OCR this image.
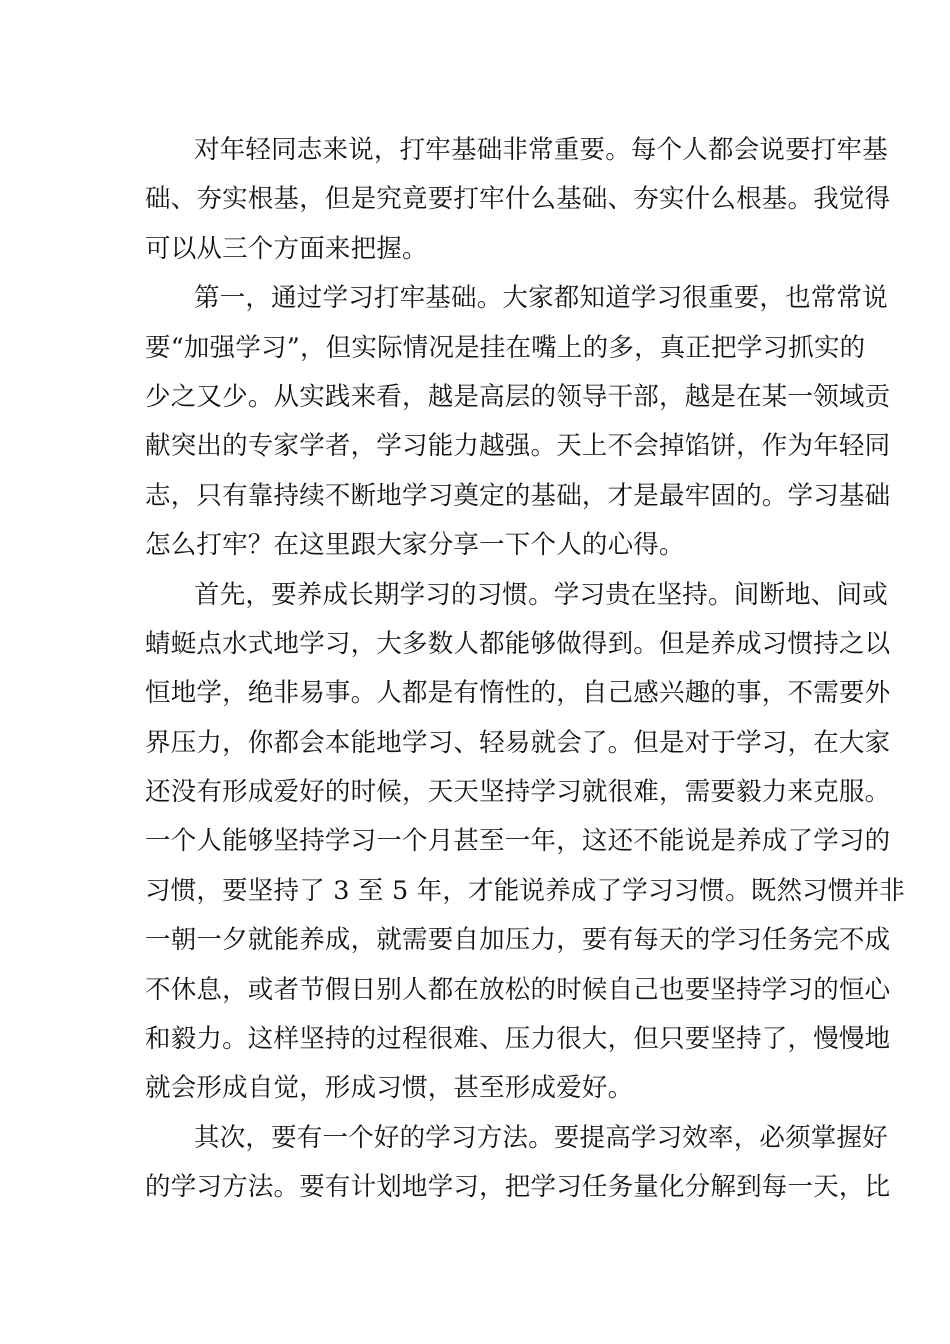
对年轻同志来说，打牢基础非常重要。每个人都会说要打牢基
础、夯实根基，但是究竟要打牢什么基础、夯实什么根基。我觉得
可以从三个方面来把握。
第一，通过学习打牢基础。大家都知道学习很重要，也常常说
要“加强学习”，但实际情况是挂在嘴上的多，真正把学习抓实的
少之又少。从实践来看，越是高层的领导干部，越是在某一领域贡
献突出的专家学者，学习能力越强。天上不会掉馅饼，作为年轻同
志，只有靠持续不断地学习奠定的基础，才是最牢固的。学习基础
怎么打牢？在这里跟大家分享一下个人的心得。
首先，要养成长期学习的习惯。学习贵在坚持。间断地、间或
蜻蜓点水式地学习，大多数人都能够做得到。但是养成习惯持之以
恒地学，绝非易事。人都是有惰性的，自己感兴趣的事，不需要外
界压力，你都会本能地学习、轻易就会了。但是对于学习，在大家
还没有形成爱好的时候，天天坚持学习就很难，需要毅力来克服。
一个人能够坚持学习一个月甚至一年，这还不能说是养成了学习的
习惯，要坚持了 3 至 5 年，才能说养成了学习习惯。既然习惯并非
一朝一夕就能养成，就需要自加压力，要有每天的学习任务完不成
不休息，或者节假日别人都在放松的时候自己也要坚持学习的恒心
和毅力。这样坚持的过程很难、压力很大，但只要坚持了，慢慢地
就会形成自觉，形成习惯，甚至形成爱好。
其次，要有一个好的学习方法。要提高学习效率，必须掌握好
的学习方法。要有计划地学习，把学习任务量化分解到每一天，比
